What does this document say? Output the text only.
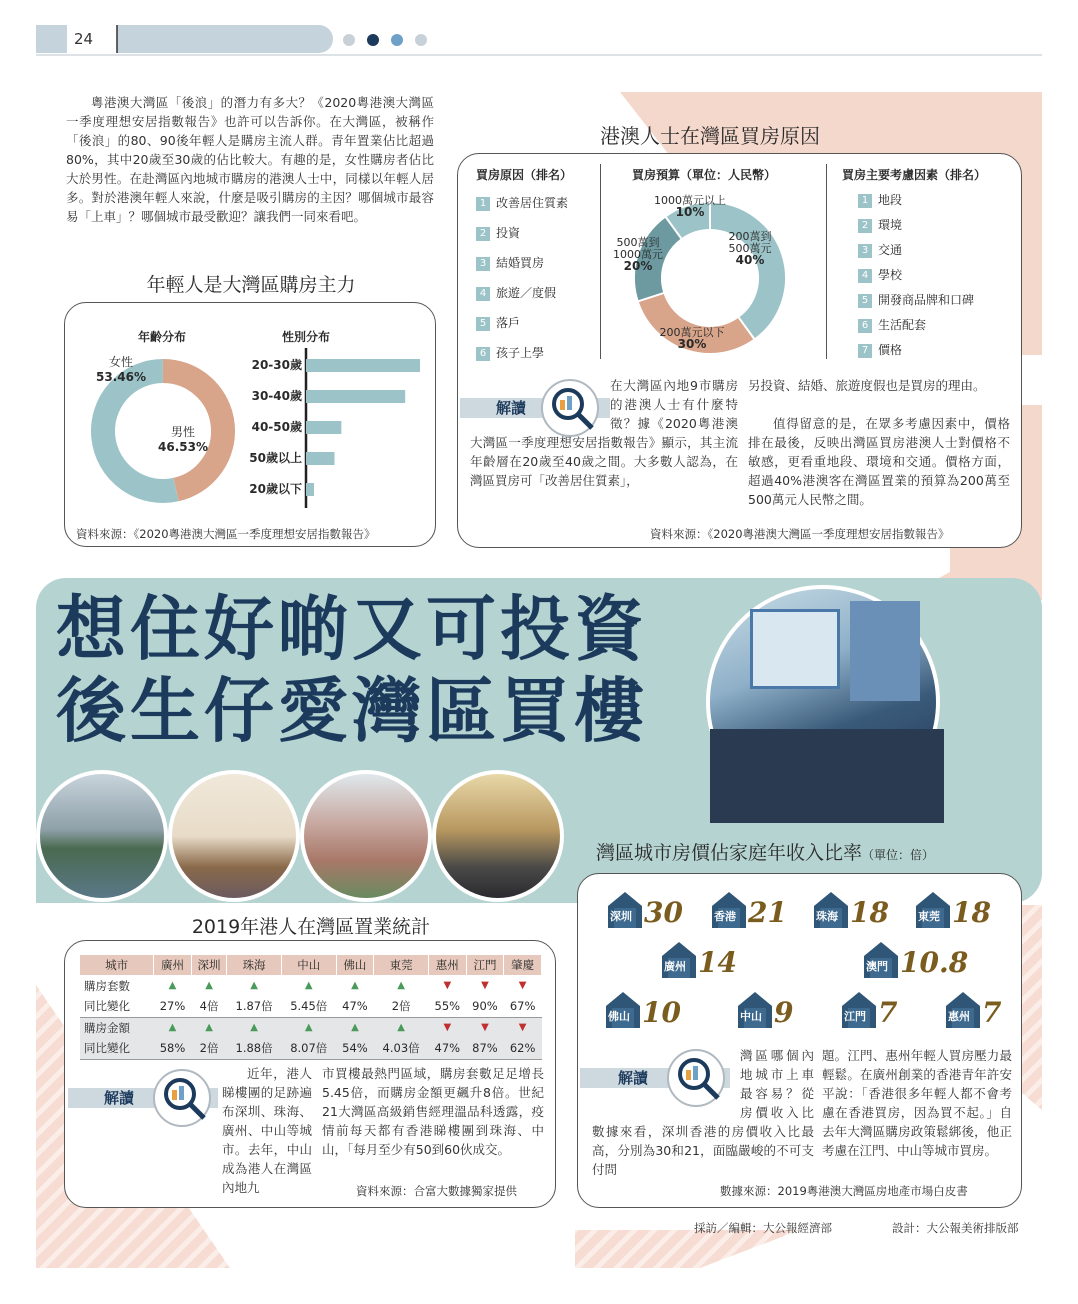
24
粵港澳大灣區「後浪」的潛力有多大？《2020粵港澳大灣區一季度理想安居指數報告》也許可以告訴你。在大灣區，被稱作「後浪」的80、90後年輕人是購房主流人群。青年置業佔比超過80%，其中20歲至30歲的佔比較大。有趣的是，女性購房者佔比大於男性。在赴灣區內地城市購房的港澳人士中，同樣以年輕人居多。對於港澳年輕人來說，什麼是吸引購房的主因？哪個城市最容易「上車」？哪個城市最受歡迎？讓我們一同來看吧。
年輕人是大灣區購房主力
年齡分布	性別分布
女性
53.46%
男性
46.53%
20-30歲
30-40歲
40-50歲
50歲以上
20歲以下
資料來源：《2020粵港澳大灣區一季度理想安居指數報告》
港澳人士在灣區買房原因
買房原因（排名）	買房預算（單位：人民幣）	買房主要考慮因素（排名）
1 改善居住質素
2 投資
3 結婚買房
4 旅遊／度假
5 落戶
6 孩子上學
1 地段
2 環境
3 交通
4 學校
5 開發商品牌和口碑
6 生活配套
7 價格
200萬到 500萬元 40%
200萬元以下 30%
500萬到 1000萬元 20%
1000萬元以上 10%
解讀
在大灣區內地9市購房的港澳人士有什麼特徵？據《2020粵港澳大灣區一季度理想安居指數報告》顯示，其主流年齡層在20歲至40歲之間。大多數人認為，在灣區買房可「改善居住質素」，
另投資、結婚、旅遊度假也是買房的理由。
值得留意的是，在眾多考慮因素中，價格排在最後，反映出灣區買房港澳人士對價格不敏感，更看重地段、環境和交通。價格方面，超過40%港澳客在灣區置業的預算為200萬至500萬元人民幣之間。
資料來源：《2020粵港澳大灣區一季度理想安居指數報告》
想住好啲又可投資
後生仔愛灣區買樓
2019年港人在灣區置業統計
城市	廣州	深圳	珠海	中山	佛山	東莞	惠州	江門	肇慶
購房套數	▲	▲	▲	▲	▲	▲	▼	▼	▼
同比變化	27%	4倍	1.87倍	5.45倍	47%	2倍	55%	90%	67%
購房金額	▲	▲	▲	▲	▲	▲	▼	▼	▼
同比變化	58%	2倍	1.88倍	8.07倍	54%	4.03倍	47%	87%	62%
解讀
近年，港人睇樓團的足跡遍布深圳、珠海、廣州、中山等城市。去年，中山成為港人在灣區內地九
市買樓最熱門區域，購房套數足足增長5.45倍，而購房金額更飆升8倍。世紀21大灣區高級銷售經理溫品科透露，疫情前每天都有香港睇樓團到珠海、中山，「每月至少有50到60伙成交。
資料來源：合富大數據獨家提供
灣區城市房價佔家庭年收入比率（單位：倍）
深圳 30	香港 21	珠海 18	東莞 18
廣州 14	澳門 10.8
佛山 10	中山 9	江門 7	惠州 7
解讀
灣區哪個內地城市上車最容易？從房價收入比數據來看，深圳香港的房價收入比最高，分別為30和21，面臨嚴峻的不可支付問
題。江門、惠州年輕人買房壓力最輕鬆。在廣州創業的香港青年許安平說：「香港很多年輕人都不會考慮在香港買房，因為買不起。」自去年大灣區購房政策鬆綁後，他正考慮在江門、中山等城市買房。
數據來源：2019粵港澳大灣區房地產市場白皮書
採訪／編輯：大公報經濟部	設計：大公報美術排版部
